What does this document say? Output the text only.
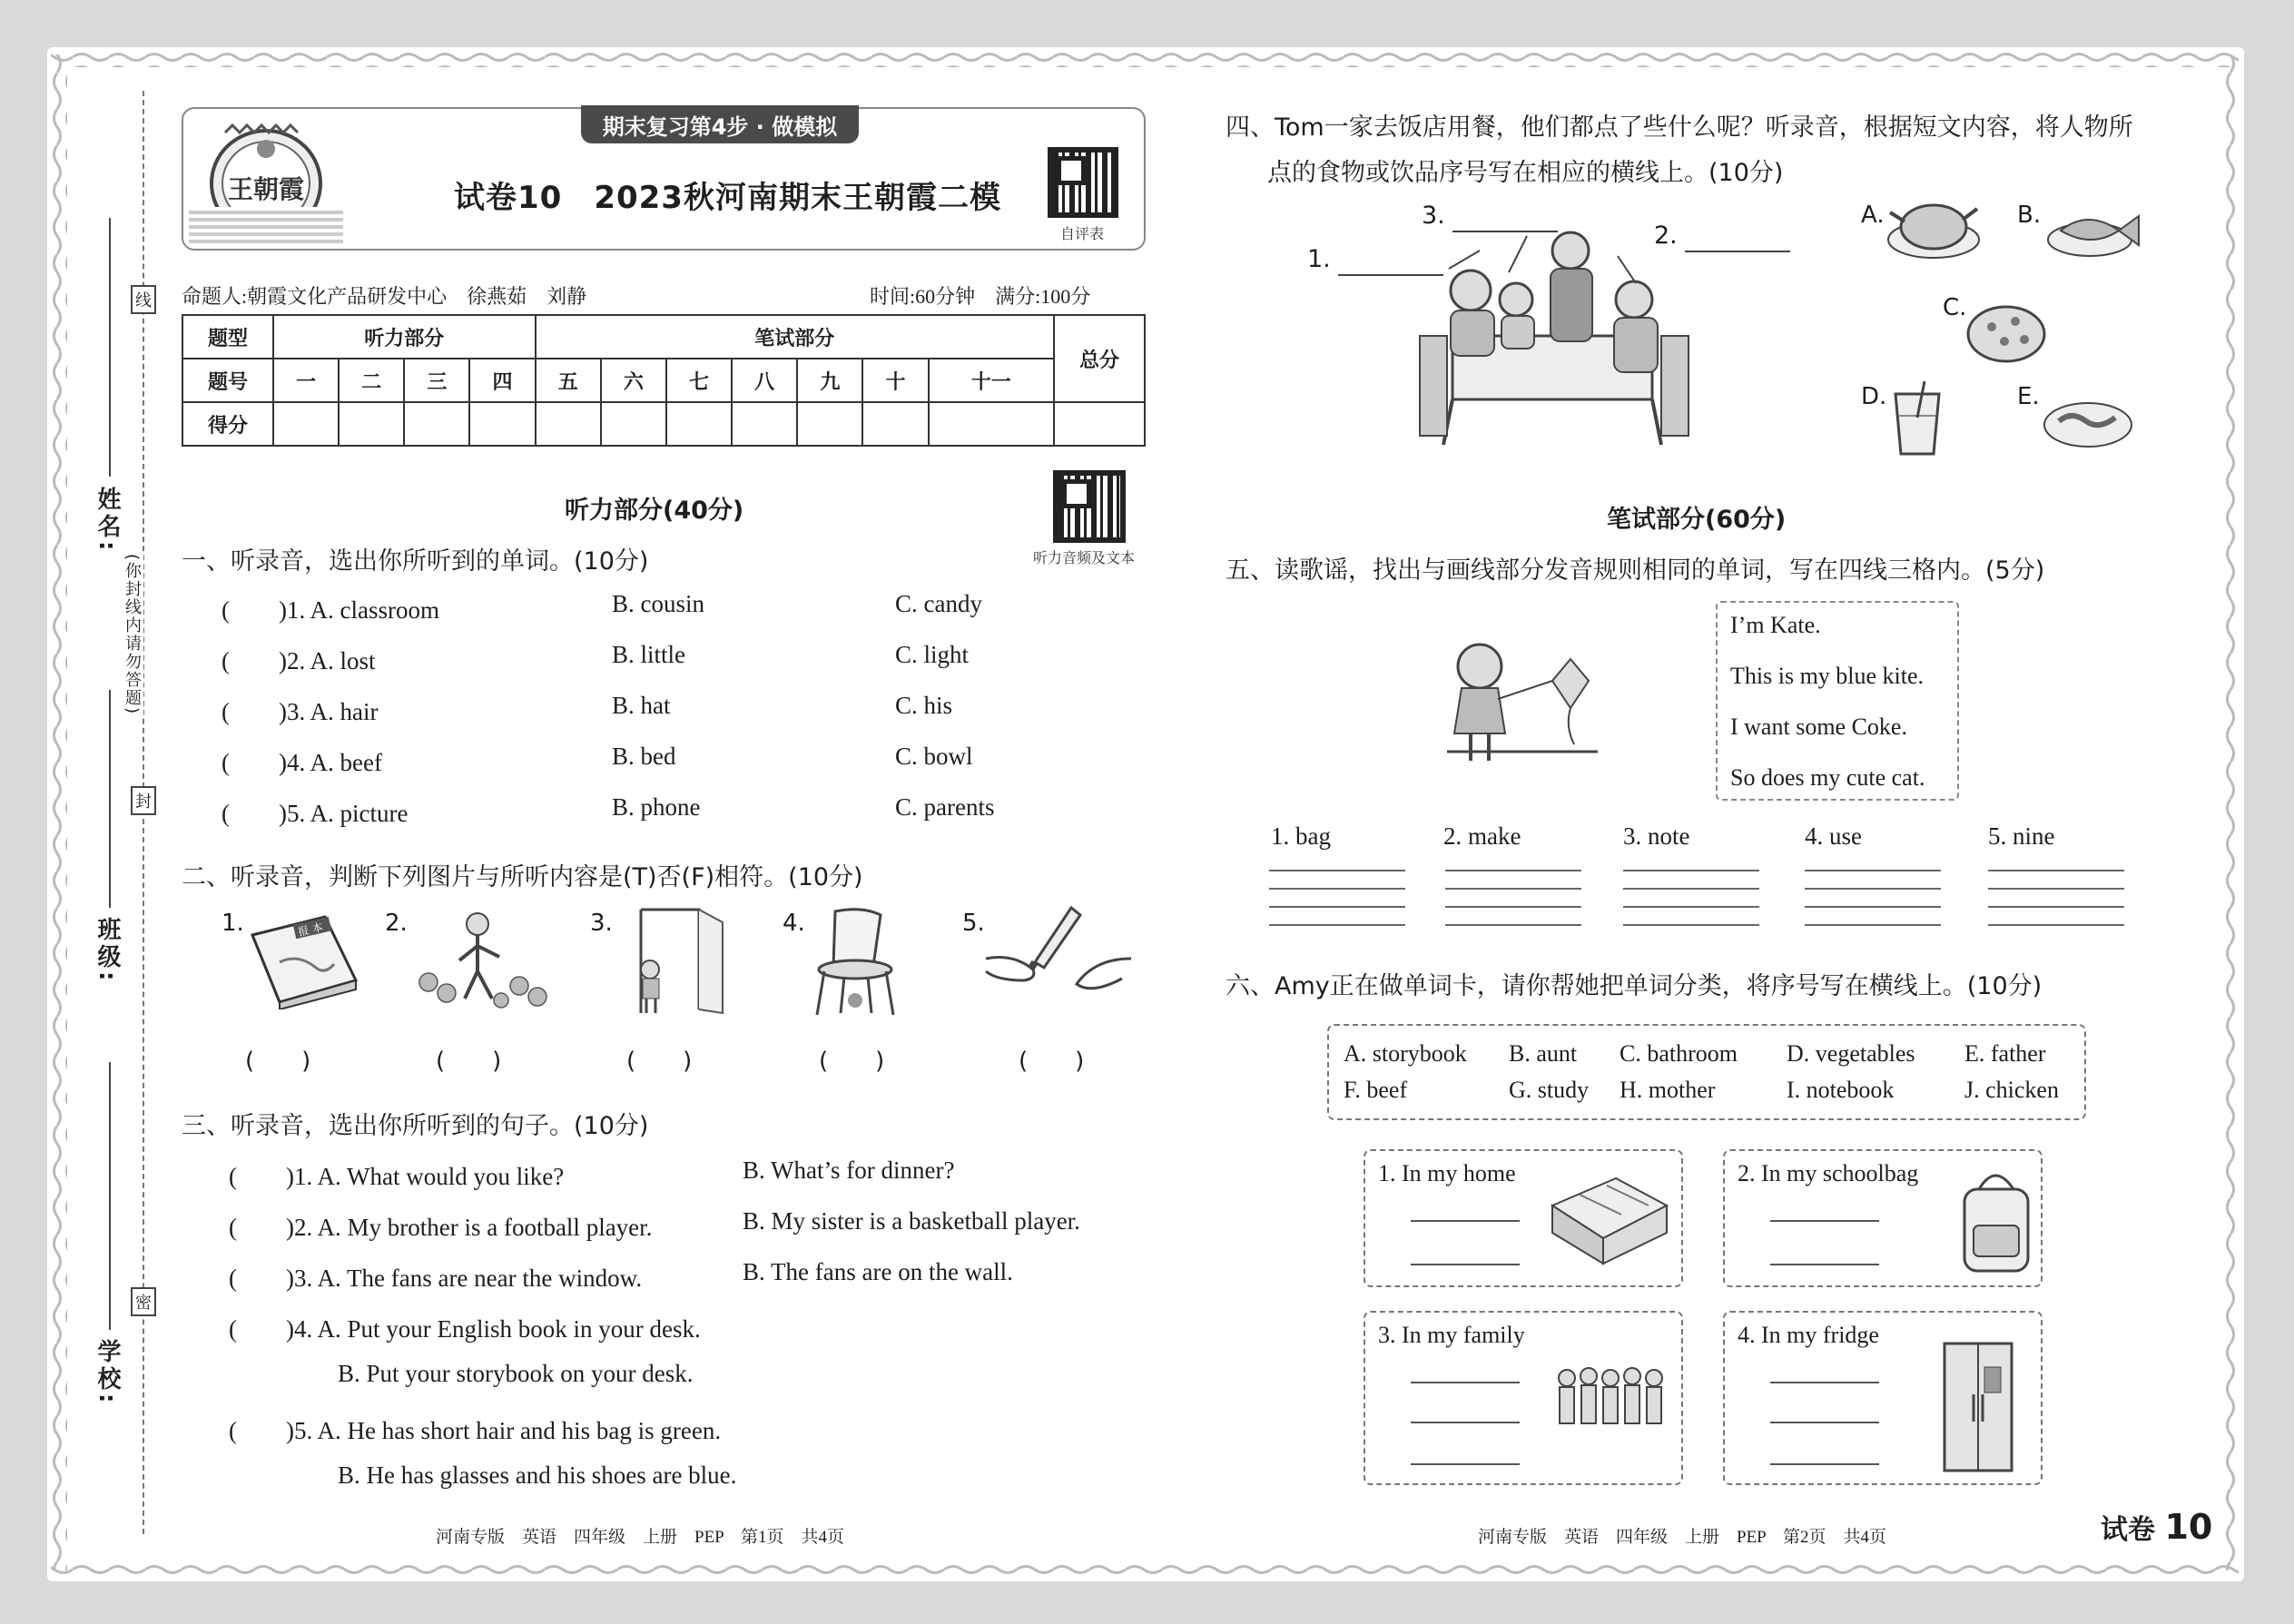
姓名:
班级:
学校:
线
封
密
(你封线内请勿答题)
王朝霞
期末复习第4步 · 做模拟
试卷10　2023秋河南期末王朝霞二模
自评表
命题人:朝霞文化产品研发中心　徐燕茹　刘静	时间:60分钟　满分:100分
题型	听力部分				笔试部分							总分
题号	一	二	三	四	五	六	七	八	九	十	十一	
得分												
听力部分(40分)
听力音频及文本
一、听录音，选出你所听到的单词。(10分)
(　　)1. A. classroom	B. cousin	C. candy
(　　)2. A. lost	B. little	C. light
(　　)3. A. hair	B. hat	C. his
(　　)4. A. beef	B. bed	C. bowl
(　　)5. A. picture	B. phone	C. parents
二、听录音，判断下列图片与所听内容是(T)否(F)相符。(10分)
1.	报 本	2.	3.	4.	5.
(　　)	(　　)	(　　)	(　　)	(　　)
三、听录音，选出你所听到的句子。(10分)
(　　)1. A. What would you like?	B. What’s for dinner?
(　　)2. A. My brother is a football player.	B. My sister is a basketball player.
(　　)3. A. The fans are near the window.	B. The fans are on the wall.
(　　)4. A. Put your English book in your desk.
B. Put your storybook on your desk.
(　　)5. A. He has short hair and his bag is green.
B. He has glasses and his shoes are blue.
四、Tom一家去饭店用餐，他们都点了些什么呢？听录音，根据短文内容，将人物所
点的食物或饮品序号写在相应的横线上。(10分)
1.
2.
3.	A.	B.
C.
D.	E.
笔试部分(60分)
五、读歌谣，找出与画线部分发音规则相同的单词，写在四线三格内。(5分)
I’m Kate.
This is my blue kite.
I want some Coke.
So does my cute cat.
1. bag	2. make	3. note	4. use	5. nine
六、Amy正在做单词卡，请你帮她把单词分类，将序号写在横线上。(10分)
A. storybook B. aunt C. bathroom D. vegetables E. father
F. beef	G. study H. mother	I. notebook	J. chicken
1. In my home	2. In my schoolbag
3. In my family	4. In my fridge
河南专版　英语　四年级　上册　PEP　第1页　共4页	河南专版　英语　四年级　上册　PEP　第2页　共4页	试卷 10
